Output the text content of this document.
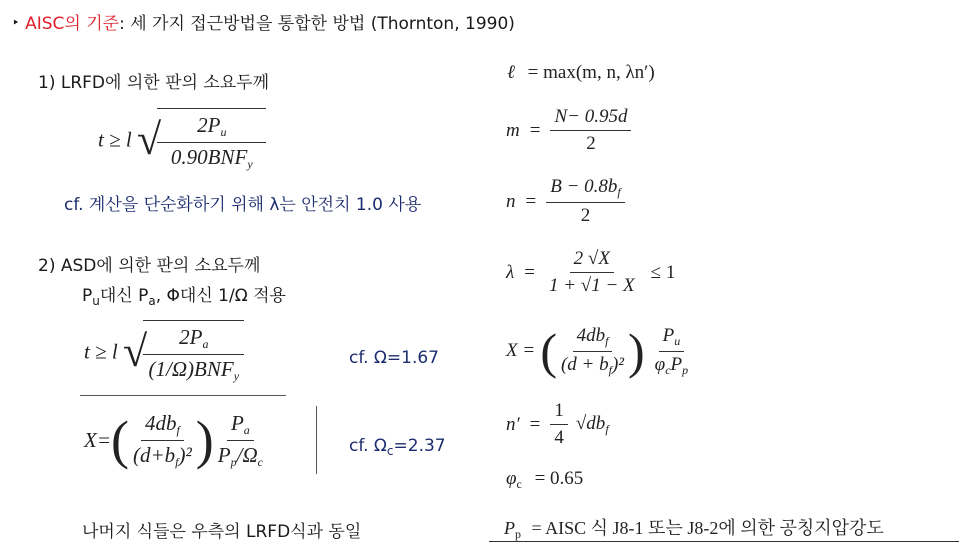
‣ AISC의 기준: 세 가지 접근방법을 통합한 방법 (Thornton, 1990)
1) LRFD에 의한 판의 소요두께
t ≥ l √
$\frac{2P_u}{0.90BNF_y}$
cf. 계산을 단순화하기 위해 λ는 안전치 1.0 사용
2) ASD에 의한 판의 소요두께
$P_u$대신 $P_a$, Φ대신 1/Ω 적용
t ≥ l √
$\frac{2P_a}{(1/\Omega)BNF_y}$	cf. Ω=1.67
X= ( $\frac{4db_f}{(d+b_f)^2}$ ) $\frac{P_a}{P_p/\Omega_c}$	cf. $\Omega_c=2.37$
나머지 식들은 우측의 LRFD식과 동일
ℓ = max(m, n, λn′)
$m = \frac{N- 0.95d}{2}$
$n = \frac{B - 0.8b_f}{2}$
$\lambda = \frac{2 √X}{1 + √1 - X} \le 1$
X = ( $\frac{4db_f}{(d + b_f)^2}$ ) $\frac{P_u}{\varphi_cP_p}$
$n' = \frac{1}{4} √db_f$
$\varphi_c = 0.65$
$P_p$ = AISC 식 J8-1 또는 J8-2에 의한 공칭지압강도
